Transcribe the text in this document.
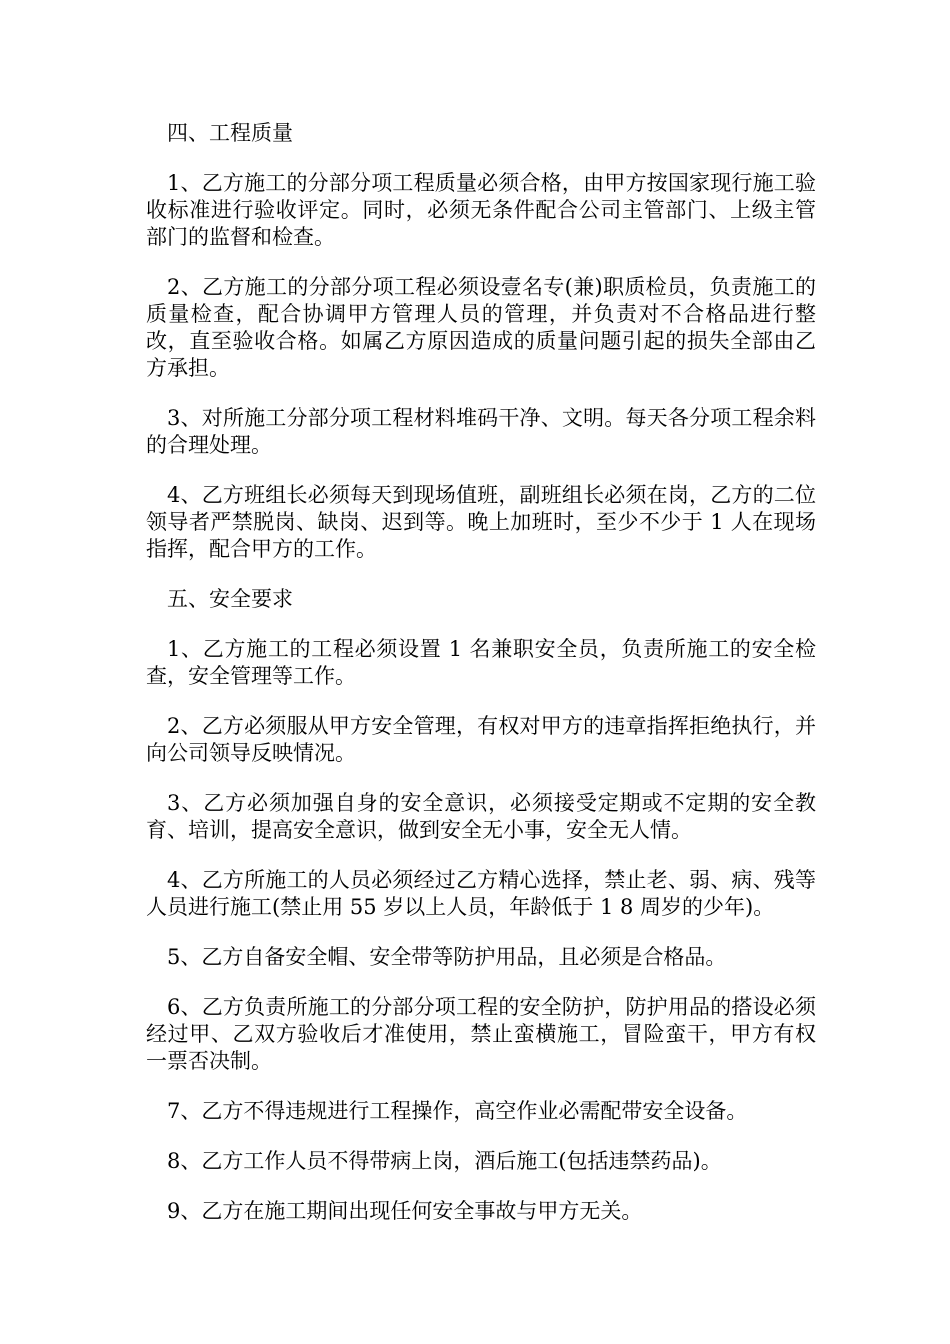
四、工程质量

1、乙方施工的分部分项工程质量必须合格，由甲方按国家现行施工验收标准进行验收评定。同时，必须无条件配合公司主管部门、上级主管部门的监督和检查。

2、乙方施工的分部分项工程必须设壹名专(兼)职质检员，负责施工的质量检查，配合协调甲方管理人员的管理，并负责对不合格品进行整改，直至验收合格。如属乙方原因造成的质量问题引起的损失全部由乙方承担。

3、对所施工分部分项工程材料堆码干净、文明。每天各分项工程余料的合理处理。

4、乙方班组长必须每天到现场值班，副班组长必须在岗，乙方的二位领导者严禁脱岗、缺岗、迟到等。晚上加班时，至少不少于 1 人在现场指挥，配合甲方的工作。

五、安全要求

1、乙方施工的工程必须设置 1 名兼职安全员，负责所施工的安全检查，安全管理等工作。

2、乙方必须服从甲方安全管理，有权对甲方的违章指挥拒绝执行，并向公司领导反映情况。

3、乙方必须加强自身的安全意识，必须接受定期或不定期的安全教育、培训，提高安全意识，做到安全无小事，安全无人情。

4、乙方所施工的人员必须经过乙方精心选择，禁止老、弱、病、残等人员进行施工(禁止用 55 岁以上人员，年龄低于 1 8 周岁的少年)。

5、乙方自备安全帽、安全带等防护用品，且必须是合格品。

6、乙方负责所施工的分部分项工程的安全防护，防护用品的搭设必须经过甲、乙双方验收后才准使用，禁止蛮横施工，冒险蛮干，甲方有权一票否决制。

7、乙方不得违规进行工程操作，高空作业必需配带安全设备。

8、乙方工作人员不得带病上岗，酒后施工(包括违禁药品)。

9、乙方在施工期间出现任何安全事故与甲方无关。
